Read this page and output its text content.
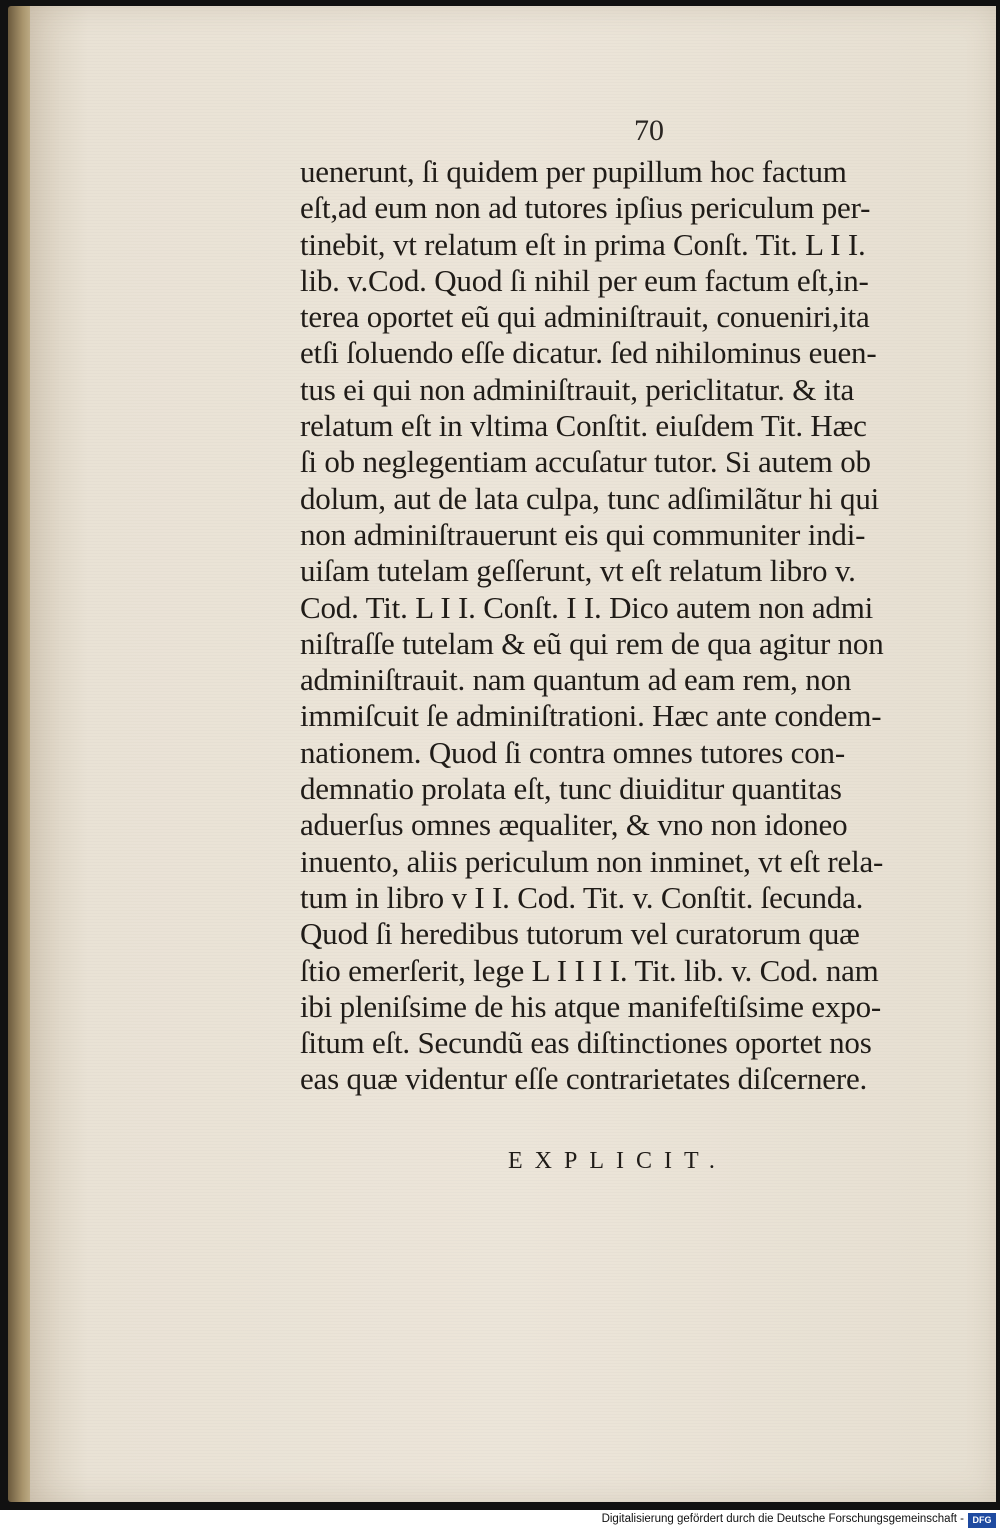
70
uenerunt, ſi quidem per pupillum hoc factum
eſt,ad eum non ad tutores ipſius periculum per-
tinebit, vt relatum eſt in prima Conſt. Tit. L I I.
lib. v.Cod. Quod ſi nihil per eum factum eſt,in-
terea oportet eũ qui adminiſtrauit, conueniri,ita
etſi ſoluendo eſſe dicatur. ſed nihilominus euen-
tus ei qui non adminiſtrauit, periclitatur. & ita
relatum eſt in vltima Conſtit. eiuſdem Tit. Hæc
ſi ob neglegentiam accuſatur tutor. Si autem ob
dolum, aut de lata culpa, tunc adſimilãtur hi qui
non adminiſtrauerunt eis qui communiter indi-
uiſam tutelam geſſerunt, vt eſt relatum libro v.
Cod. Tit. L I I. Conſt. I I. Dico autem non admi
niſtraſſe tutelam & eũ qui rem de qua agitur non
adminiſtrauit. nam quantum ad eam rem, non
immiſcuit ſe adminiſtrationi. Hæc ante condem-
nationem. Quod ſi contra omnes tutores con-
demnatio prolata eſt, tunc diuiditur quantitas
aduerſus omnes æqualiter, & vno non idoneo
inuento, aliis periculum non inminet, vt eſt rela-
tum in libro v I I. Cod. Tit. v. Conſtit. ſecunda.
Quod ſi heredibus tutorum vel curatorum quæ
ſtio emerſerit, lege L I I I I. Tit. lib. v. Cod. nam
ibi pleniſsime de his atque manifeſtiſsime expo-
ſitum eſt. Secundũ eas diſtinctiones oportet nos
eas quæ videntur eſſe contrarietates diſcernere.
EXPLICIT.
Digitalisierung gefördert durch die Deutsche Forschungsgemeinschaft - DFG
